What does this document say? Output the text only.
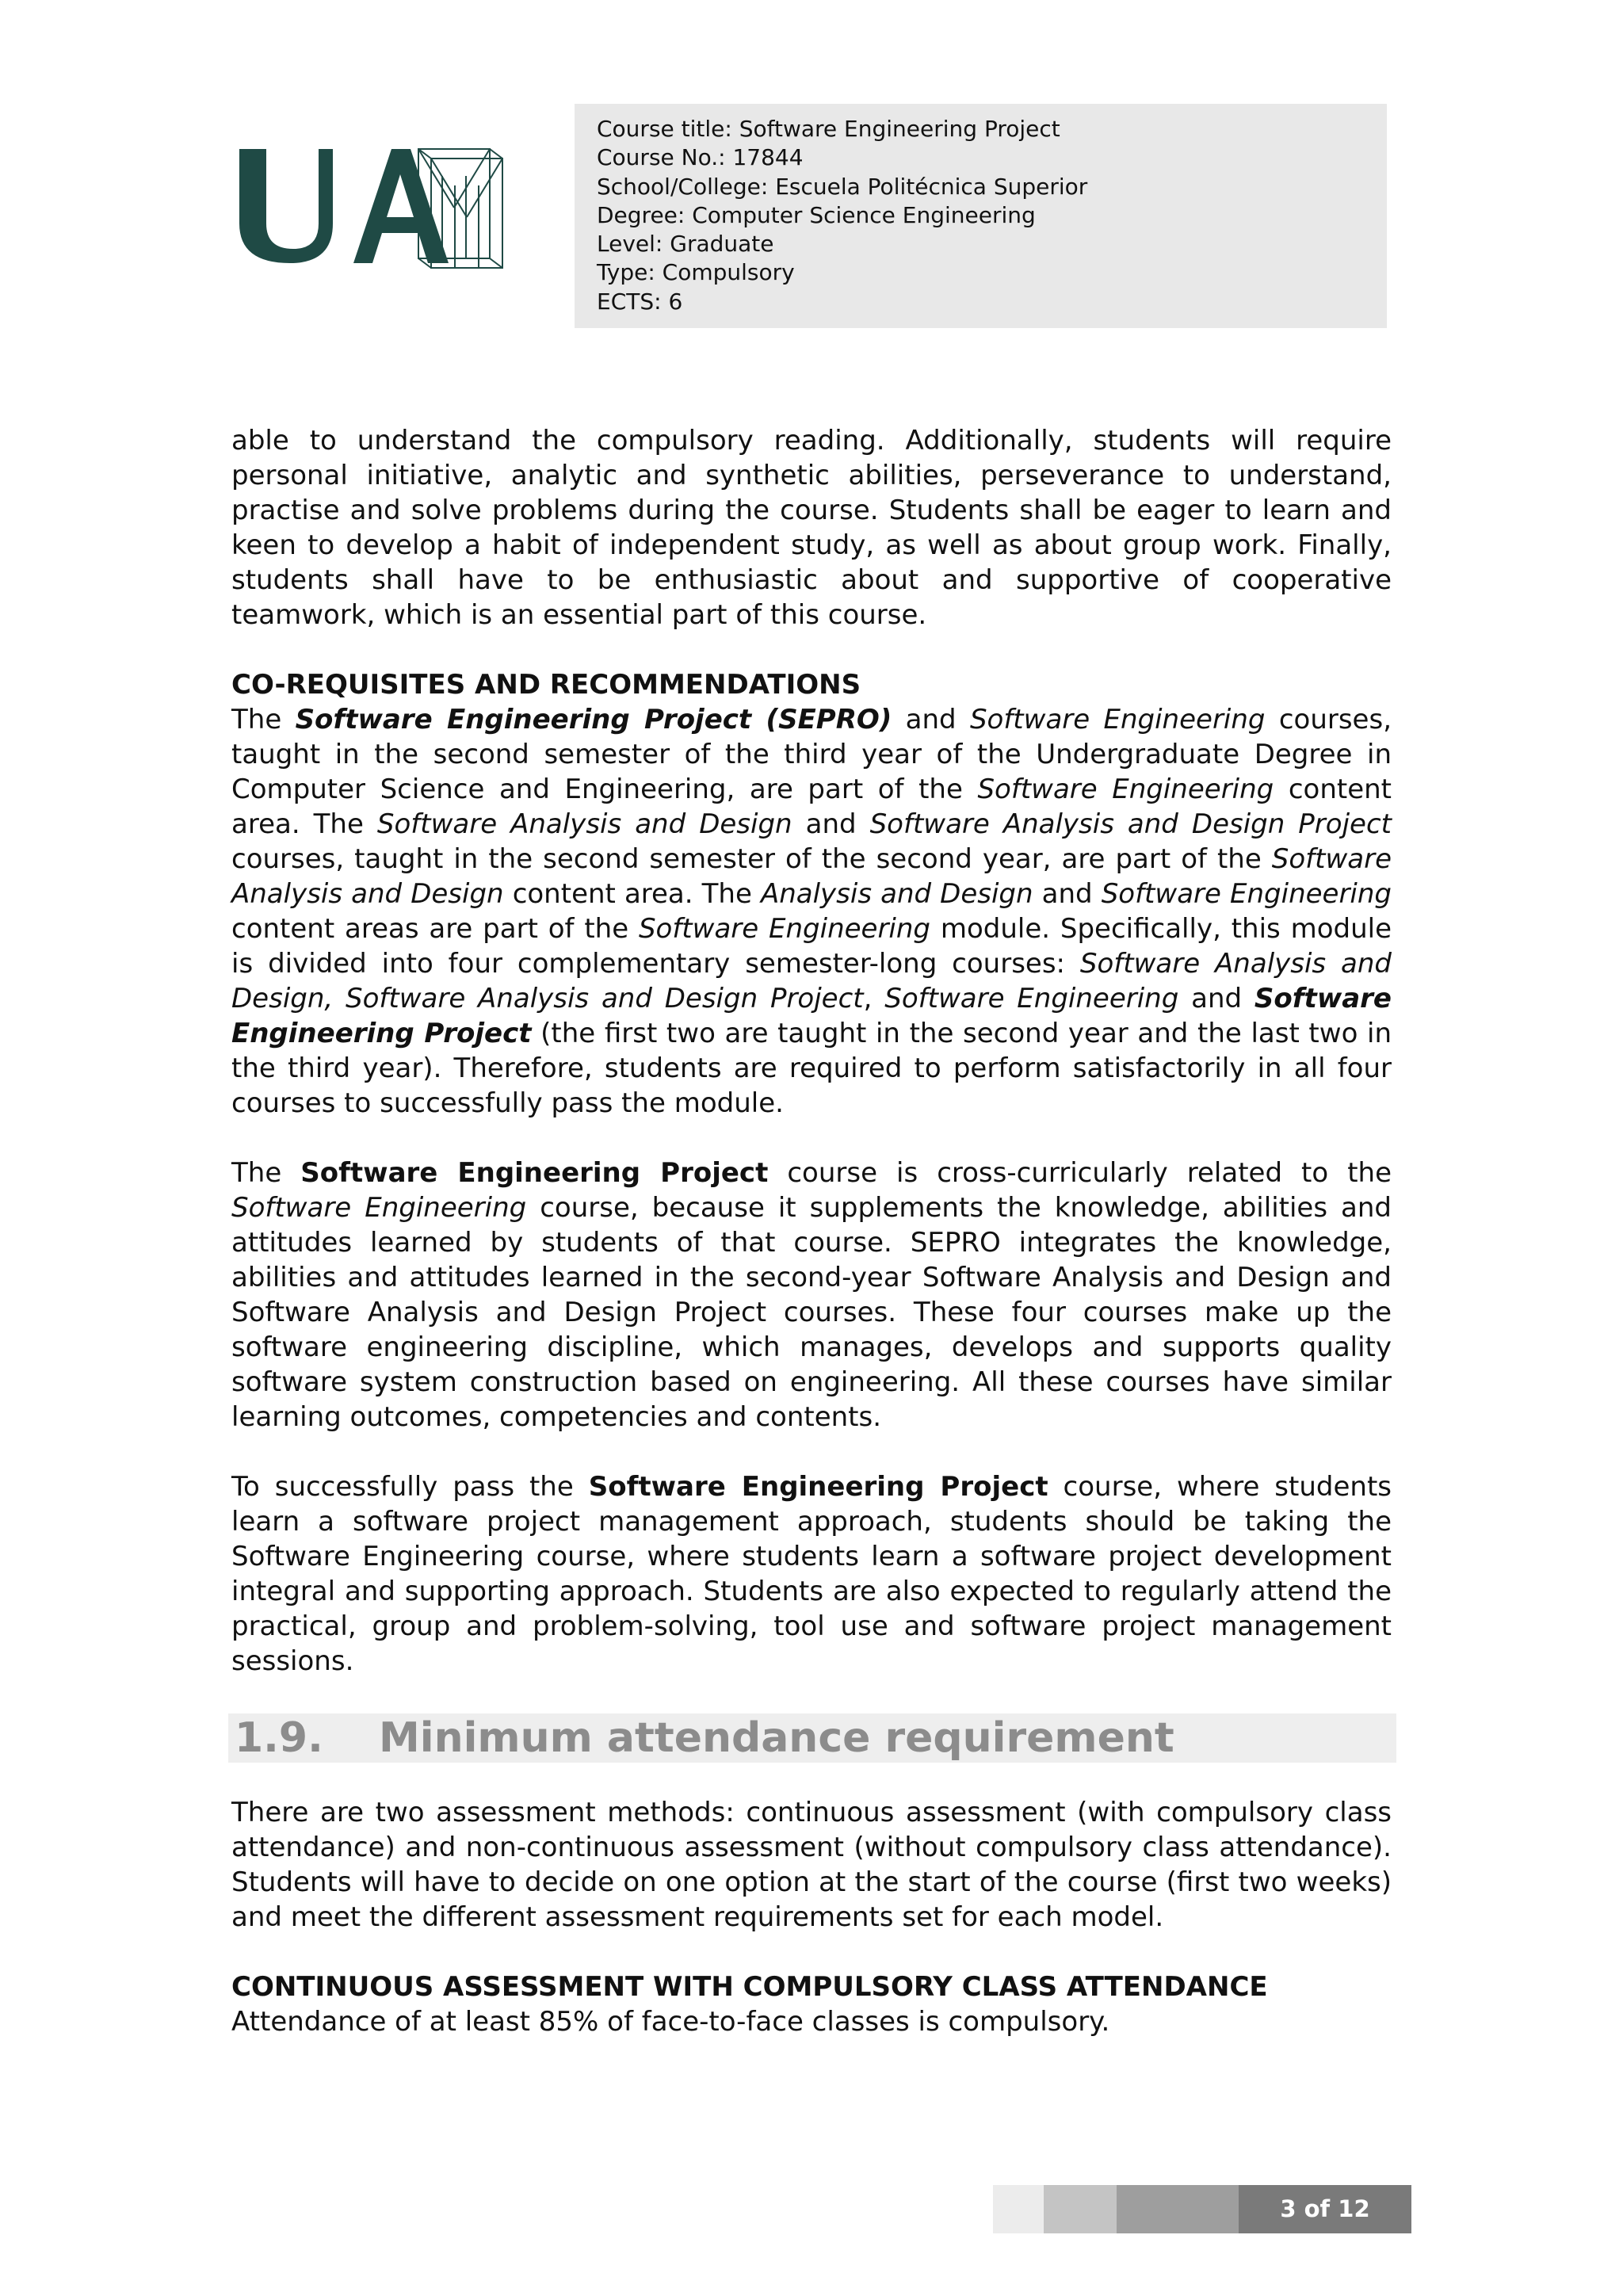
UAM
Course title: Software Engineering Project
Course No.: 17844
School/College: Escuela Politécnica Superior
Degree: Computer Science Engineering
Level: Graduate
Type: Compulsory
ECTS: 6

able to understand the compulsory reading. Additionally, students will require personal initiative, analytic and synthetic abilities, perseverance to understand, practise and solve problems during the course. Students shall be eager to learn and keen to develop a habit of independent study, as well as about group work. Finally, students shall have to be enthusiastic about and supportive of cooperative teamwork, which is an essential part of this course.

CO-REQUISITES AND RECOMMENDATIONS

The Software Engineering Project (SEPRO) and Software Engineering courses, taught in the second semester of the third year of the Undergraduate Degree in Computer Science and Engineering, are part of the Software Engineering content area. The Software Analysis and Design and Software Analysis and Design Project courses, taught in the second semester of the second year, are part of the Software Analysis and Design content area. The Analysis and Design and Software Engineering content areas are part of the Software Engineering module. Specifically, this module is divided into four complementary semester-long courses: Software Analysis and Design, Software Analysis and Design Project, Software Engineering and Software Engineering Project (the first two are taught in the second year and the last two in the third year). Therefore, students are required to perform satisfactorily in all four courses to successfully pass the module.

The Software Engineering Project course is cross-curricularly related to the Software Engineering course, because it supplements the knowledge, abilities and attitudes learned by students of that course. SEPRO integrates the knowledge, abilities and attitudes learned in the second-year Software Analysis and Design and Software Analysis and Design Project courses. These four courses make up the software engineering discipline, which manages, develops and supports quality software system construction based on engineering. All these courses have similar learning outcomes, competencies and contents.

To successfully pass the Software Engineering Project course, where students learn a software project management approach, students should be taking the Software Engineering course, where students learn a software project development integral and supporting approach. Students are also expected to regularly attend the practical, group and problem-solving, tool use and software project management sessions.

1.9. Minimum attendance requirement

There are two assessment methods: continuous assessment (with compulsory class attendance) and non-continuous assessment (without compulsory class attendance). Students will have to decide on one option at the start of the course (first two weeks) and meet the different assessment requirements set for each model.

CONTINUOUS ASSESSMENT WITH COMPULSORY CLASS ATTENDANCE

Attendance of at least 85% of face-to-face classes is compulsory.

3 of 12
